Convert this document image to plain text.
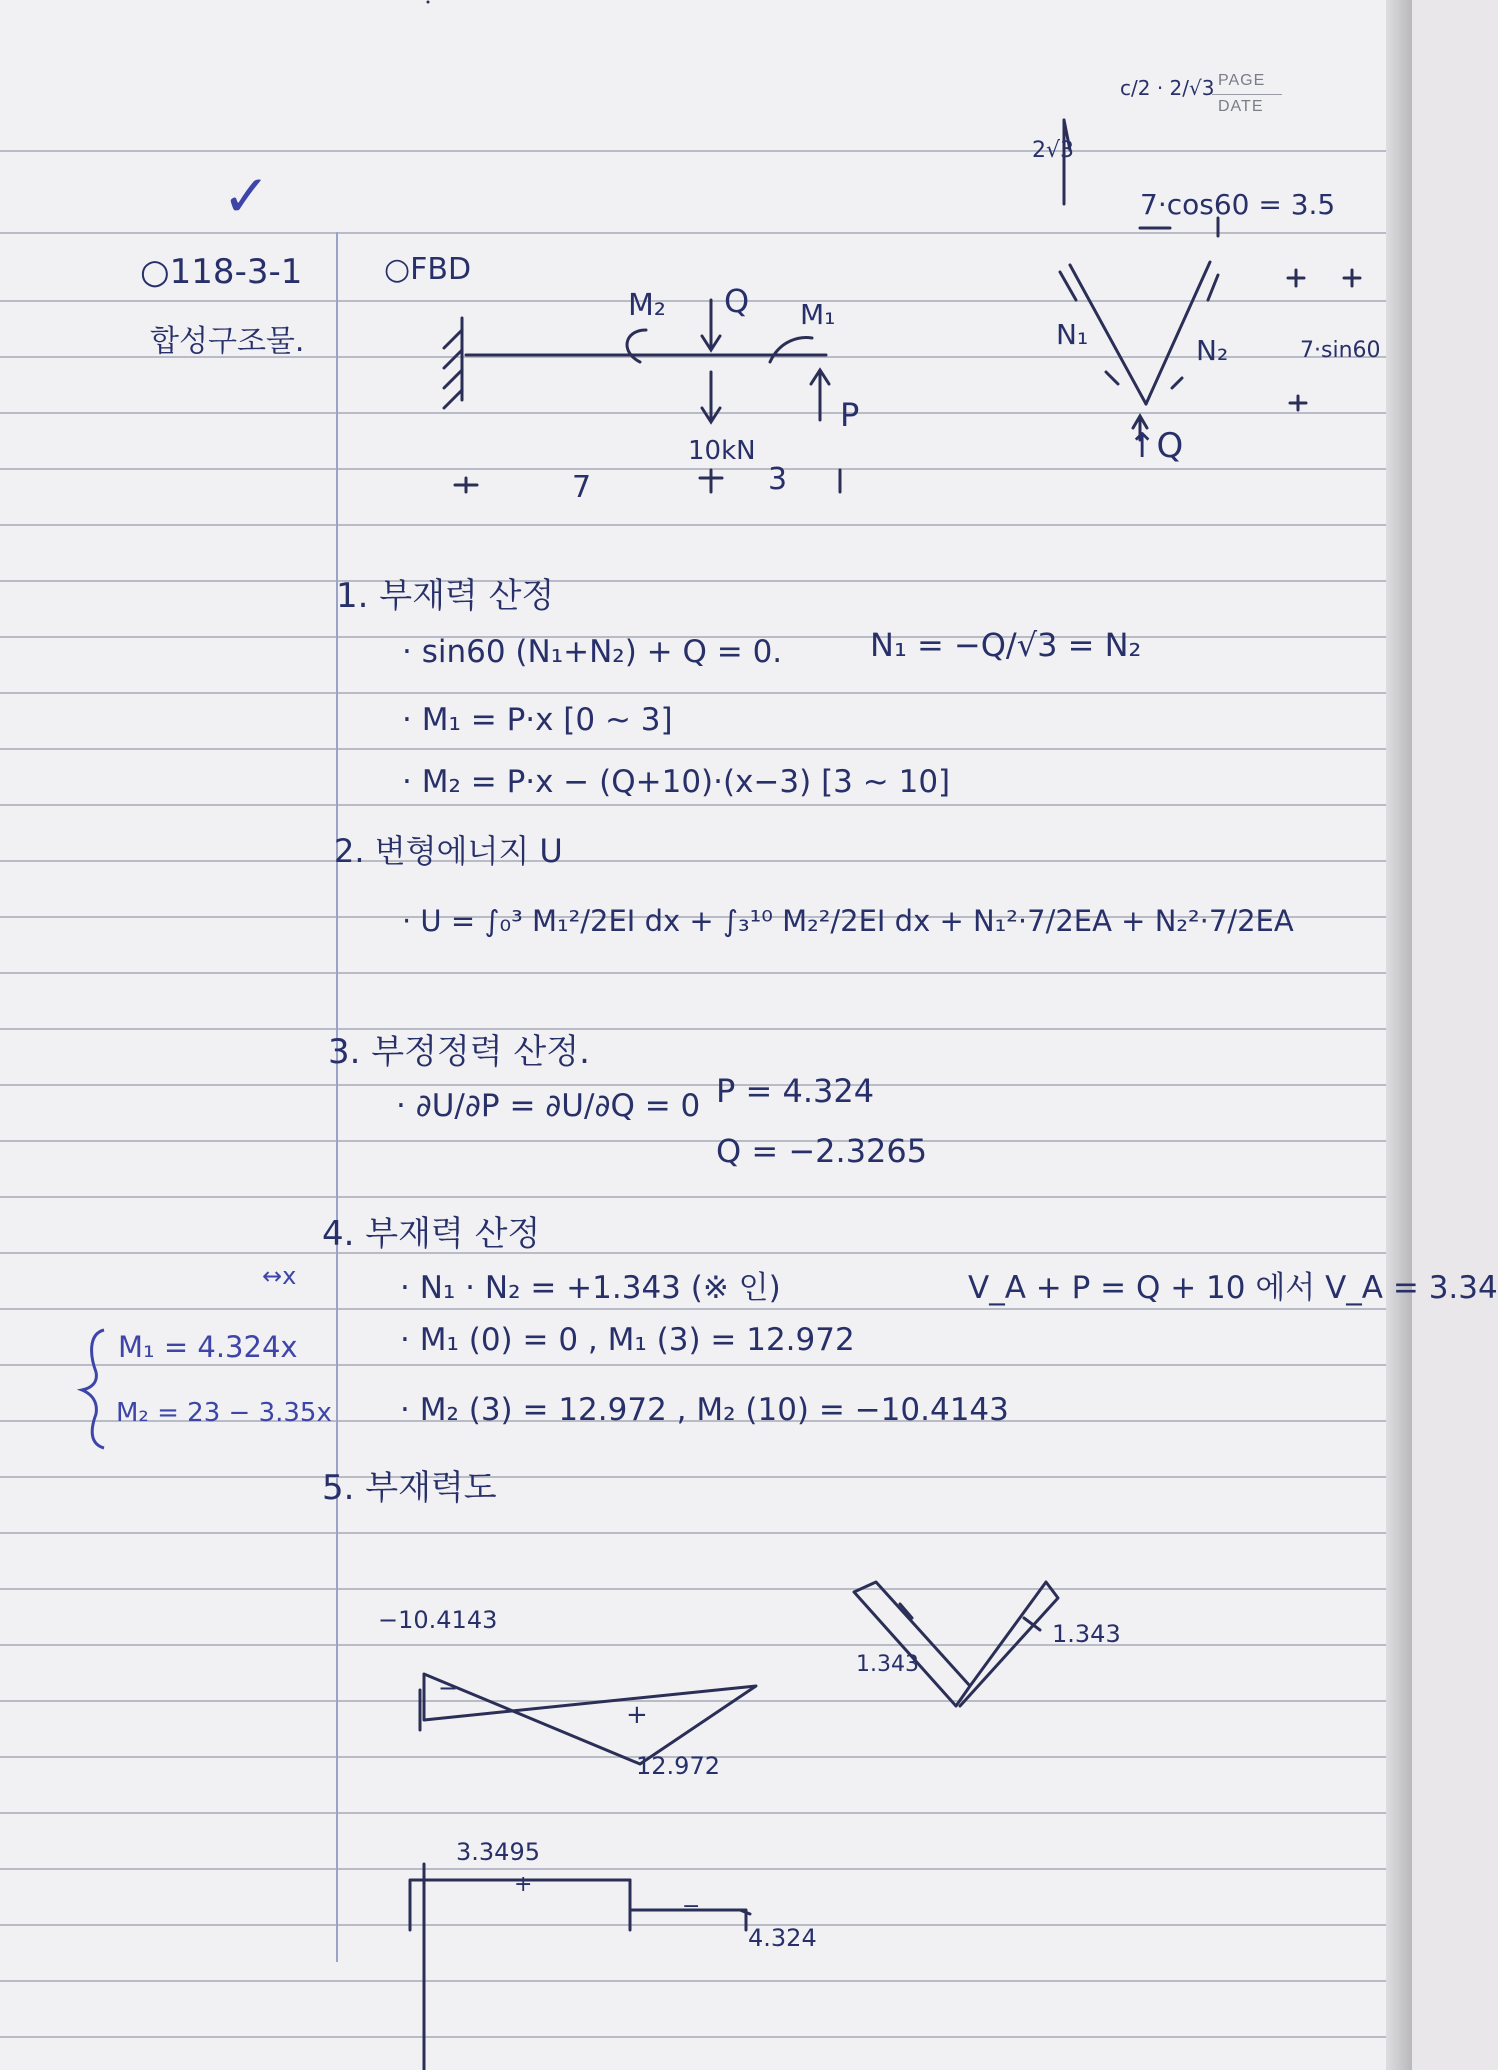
PAGE
DATE
✓
○118-3-1
합성구조물.
○FBD
M₂ Q M₁
10kN
P
7	3
2√3
c/2 · 2/√3
7·cos60 = 3.5
7·sin60
N₁	N₂
↑Q
1. 부재력 산정
· sin60 (N₁+N₂) + Q = 0.
· M₁ = P·x [0 ~ 3]
· M₂ = P·x − (Q+10)·(x−3) [3 ~ 10]
N₁ = −Q/√3 = N₂
2. 변형에너지 U
· U = ∫₀³ M₁²/2EI dx + ∫₃¹⁰ M₂²/2EI dx + N₁²·7/2EA + N₂²·7/2EA
3. 부정정력 산정.
· ∂U/∂P = ∂U/∂Q = 0 P = 4.324
Q = −2.3265
4. 부재력 산정
↔x	· N₁ · N₂ = +1.343 (※ 인)
· M₁ (0) = 0 , M₁ (3) = 12.972
· M₂ (3) = 12.972 , M₂ (10) = −10.4143
V_A + P = Q + 10 에서 V_A = 3.34
M₁ = 4.324x
M₂ = 23 − 3.35x
5. 부재력도
−10.4143
−
+
12.972
1.343
1.343
3.3495
+
−
4.324
